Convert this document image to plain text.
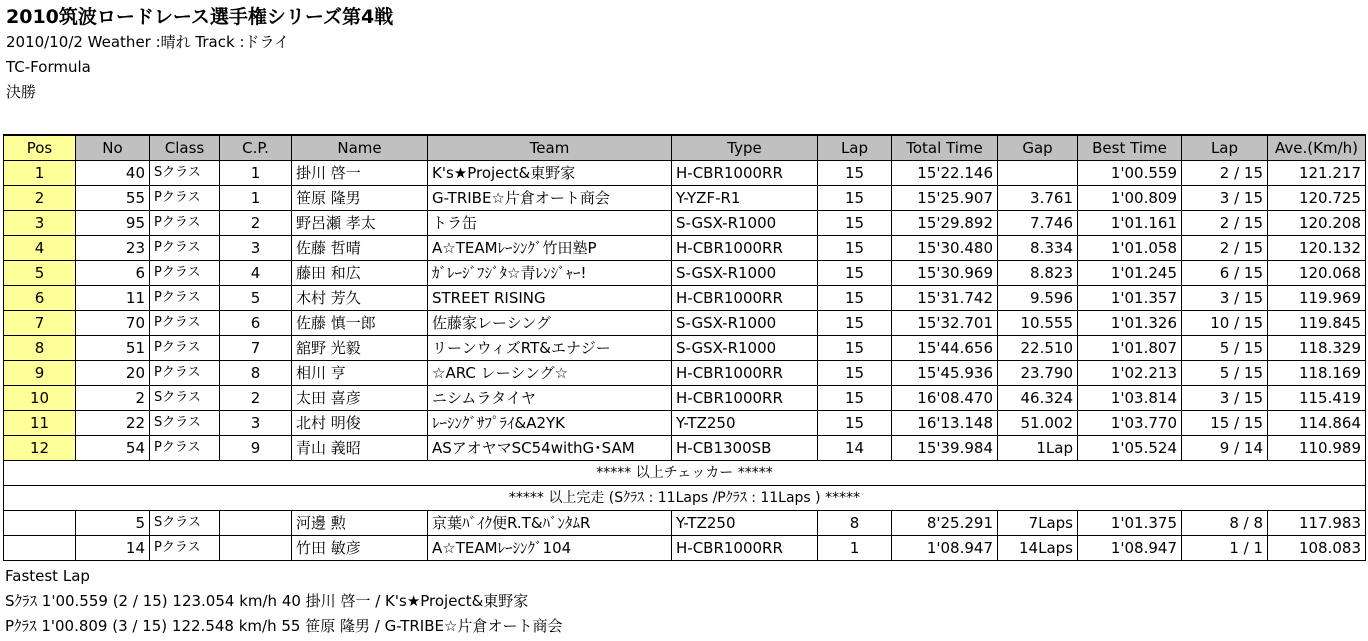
2010筑波ロードレース選手権シリーズ第4戦
2010/10/2 Weather :晴れ Track :ドライ
TC-Formula
決勝
Pos	No	Class	C.P.	Name	Team	Type	Lap	Total Time	Gap	Best Time	Lap	Ave.(Km/h)
1	40	Sクラス	1	掛川 啓一	K's★Project&東野家	H-CBR1000RR	15	15'22.146		1'00.559	2 / 15	121.217
2	55	Pクラス	1	笹原 隆男	G-TRIBE☆片倉オート商会	Y-YZF-R1	15	15'25.907	3.761	1'00.809	3 / 15	120.725
3	95	Pクラス	2	野呂瀬 孝太	トラ缶	S-GSX-R1000	15	15'29.892	7.746	1'01.161	2 / 15	120.208
4	23	Pクラス	3	佐藤 哲晴	A☆TEAMﾚｰｼﾝｸﾞ竹田塾P	H-CBR1000RR	15	15'30.480	8.334	1'01.058	2 / 15	120.132
5	6	Pクラス	4	藤田 和広	ｶﾞﾚｰｼﾞﾌｼﾞﾀ☆青ﾚﾝｼﾞｬｰ!	S-GSX-R1000	15	15'30.969	8.823	1'01.245	6 / 15	120.068
6	11	Pクラス	5	木村 芳久	STREET RISING	H-CBR1000RR	15	15'31.742	9.596	1'01.357	3 / 15	119.969
7	70	Pクラス	6	佐藤 慎一郎	佐藤家レーシング	S-GSX-R1000	15	15'32.701	10.555	1'01.326	10 / 15	119.845
8	51	Pクラス	7	舘野 光毅	リーンウィズRT&エナジー	S-GSX-R1000	15	15'44.656	22.510	1'01.807	5 / 15	118.329
9	20	Pクラス	8	相川 亨	☆ARC レーシング☆	H-CBR1000RR	15	15'45.936	23.790	1'02.213	5 / 15	118.169
10	2	Sクラス	2	太田 喜彦	ニシムラタイヤ	H-CBR1000RR	15	16'08.470	46.324	1'03.814	3 / 15	115.419
11	22	Sクラス	3	北村 明俊	ﾚｰｼﾝｸﾞｻﾌﾟﾗｲ&A2YK	Y-TZ250	15	16'13.148	51.002	1'03.770	15 / 15	114.864
12	54	Pクラス	9	青山 義昭	ASアオヤマSC54withG･SAM	H-CB1300SB	14	15'39.984	1Lap	1'05.524	9 / 14	110.989
***** 以上チェッカー *****												
***** 以上完走 (Sｸﾗｽ : 11Laps /Pｸﾗｽ : 11Laps ) *****												
	5	Sクラス		河邊 勲	京葉ﾊﾞｲｸ便R.T&ﾊﾞﾝﾀﾑR	Y-TZ250	8	8'25.291	7Laps	1'01.375	8 / 8	117.983
	14	Pクラス		竹田 敏彦	A☆TEAMﾚｰｼﾝｸﾞ104	H-CBR1000RR	1	1'08.947	14Laps	1'08.947	1 / 1	108.083
Fastest Lap
Sｸﾗｽ 1'00.559 (2 / 15) 123.054 km/h 40 掛川 啓一 / K's★Project&東野家
Pｸﾗｽ 1'00.809 (3 / 15) 122.548 km/h 55 笹原 隆男 / G-TRIBE☆片倉オート商会
